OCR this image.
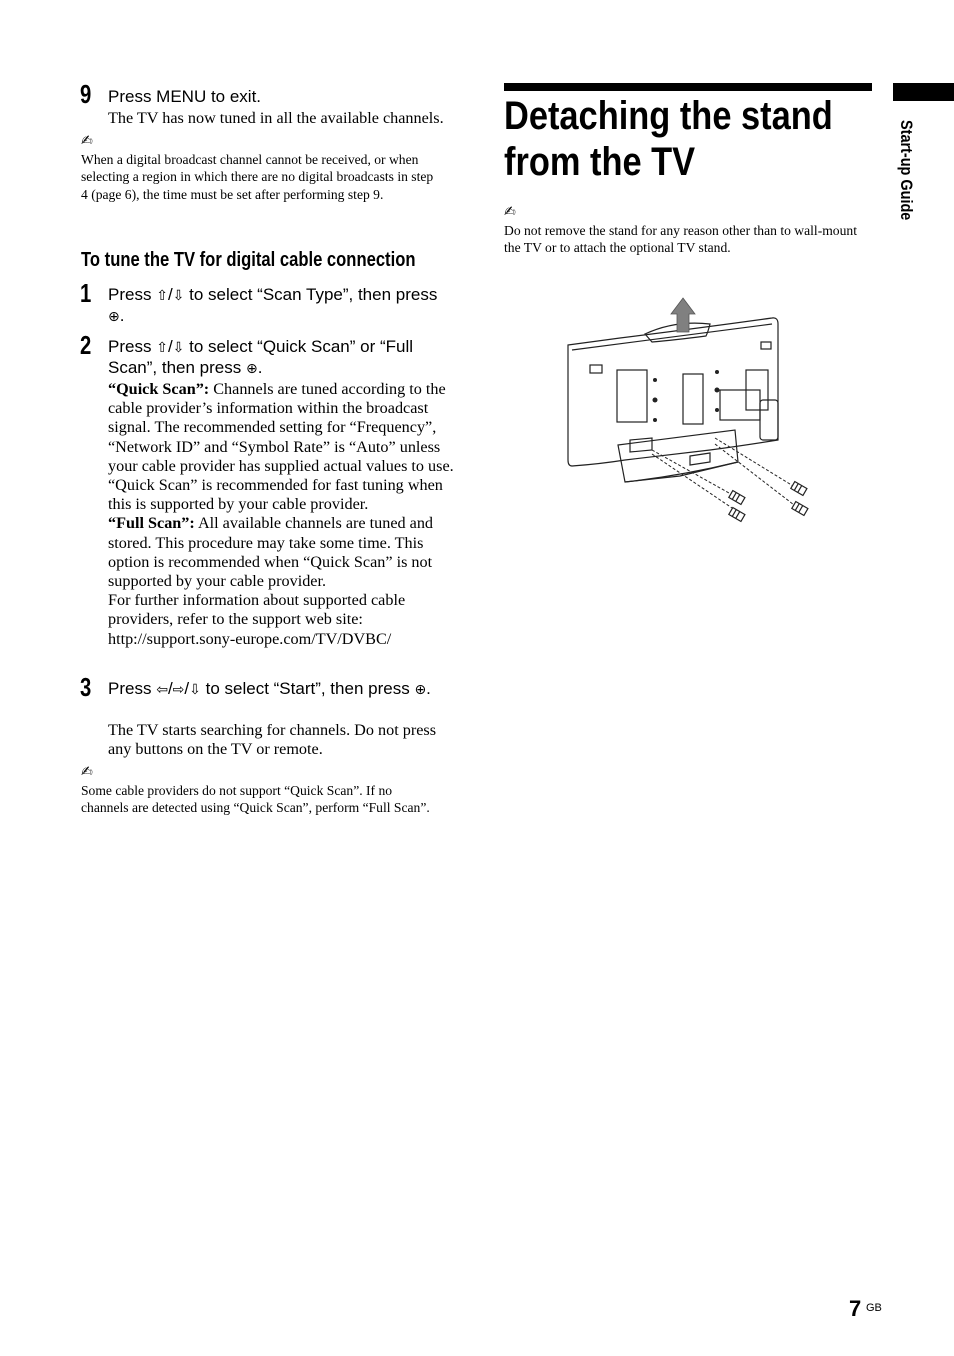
9 Press MENU to exit.
The TV has now tuned in all the available channels.
✍
When a digital broadcast channel cannot be received, or when selecting a region in which there are no digital broadcasts in step 4 (page 6), the time must be set after performing step 9.
To tune the TV for digital cable connection
1 Press ⇧/⇩ to select “Scan Type”, then press ⊕.
2 Press ⇧/⇩ to select “Quick Scan” or “Full Scan”, then press ⊕.
“Quick Scan”: Channels are tuned according to the cable provider’s information within the broadcast signal. The recommended setting for “Frequency”, “Network ID” and “Symbol Rate” is “Auto” unless your cable provider has supplied actual values to use. “Quick Scan” is recommended for fast tuning when this is supported by your cable provider.
“Full Scan”: All available channels are tuned and stored. This procedure may take some time. This option is recommended when “Quick Scan” is not supported by your cable provider.
For further information about supported cable providers, refer to the support web site:
http://support.sony-europe.com/TV/DVBC/
3 Press ⇦/⇨/⇩ to select “Start”, then press ⊕.
The TV starts searching for channels. Do not press any buttons on the TV or remote.
✍
Some cable providers do not support “Quick Scan”. If no channels are detected using “Quick Scan”, perform “Full Scan”.
Detaching the stand
from the TV
✍
Do not remove the stand for any reason other than to wall-mount the TV or to attach the optional TV stand.
Start-up Guide
7 GB
